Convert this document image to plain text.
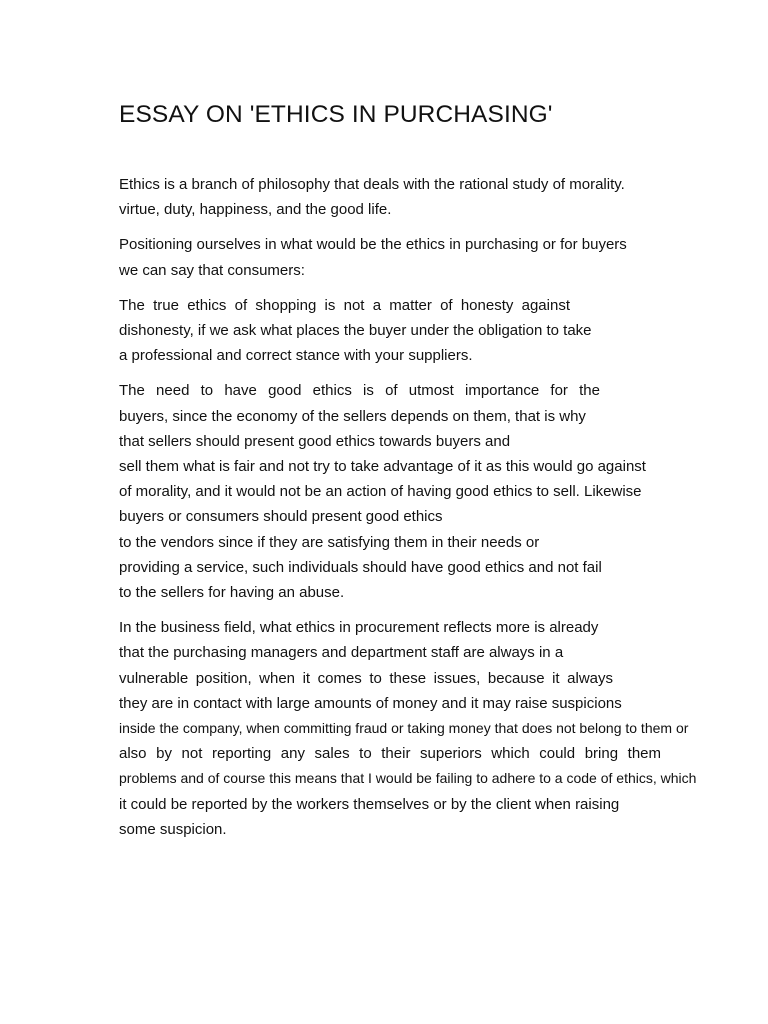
ESSAY ON 'ETHICS IN PURCHASING'
Ethics is a branch of philosophy that deals with the rational study of morality.
virtue, duty, happiness, and the good life.
Positioning ourselves in what would be the ethics in purchasing or for buyers
we can say that consumers:
The true ethics of shopping is not a matter of honesty against
dishonesty, if we ask what places the buyer under the obligation to take
a professional and correct stance with your suppliers.
The need to have good ethics is of utmost importance for the
buyers, since the economy of the sellers depends on them, that is why
that sellers should present good ethics towards buyers and
sell them what is fair and not try to take advantage of it as this would go against
of morality, and it would not be an action of having good ethics to sell. Likewise
buyers or consumers should present good ethics
to the vendors since if they are satisfying them in their needs or
providing a service, such individuals should have good ethics and not fail
to the sellers for having an abuse.
In the business field, what ethics in procurement reflects more is already
that the purchasing managers and department staff are always in a
vulnerable position, when it comes to these issues, because it always
they are in contact with large amounts of money and it may raise suspicions
inside the company, when committing fraud or taking money that does not belong to them or
also by not reporting any sales to their superiors which could bring them
problems and of course this means that I would be failing to adhere to a code of ethics, which
it could be reported by the workers themselves or by the client when raising
some suspicion.
